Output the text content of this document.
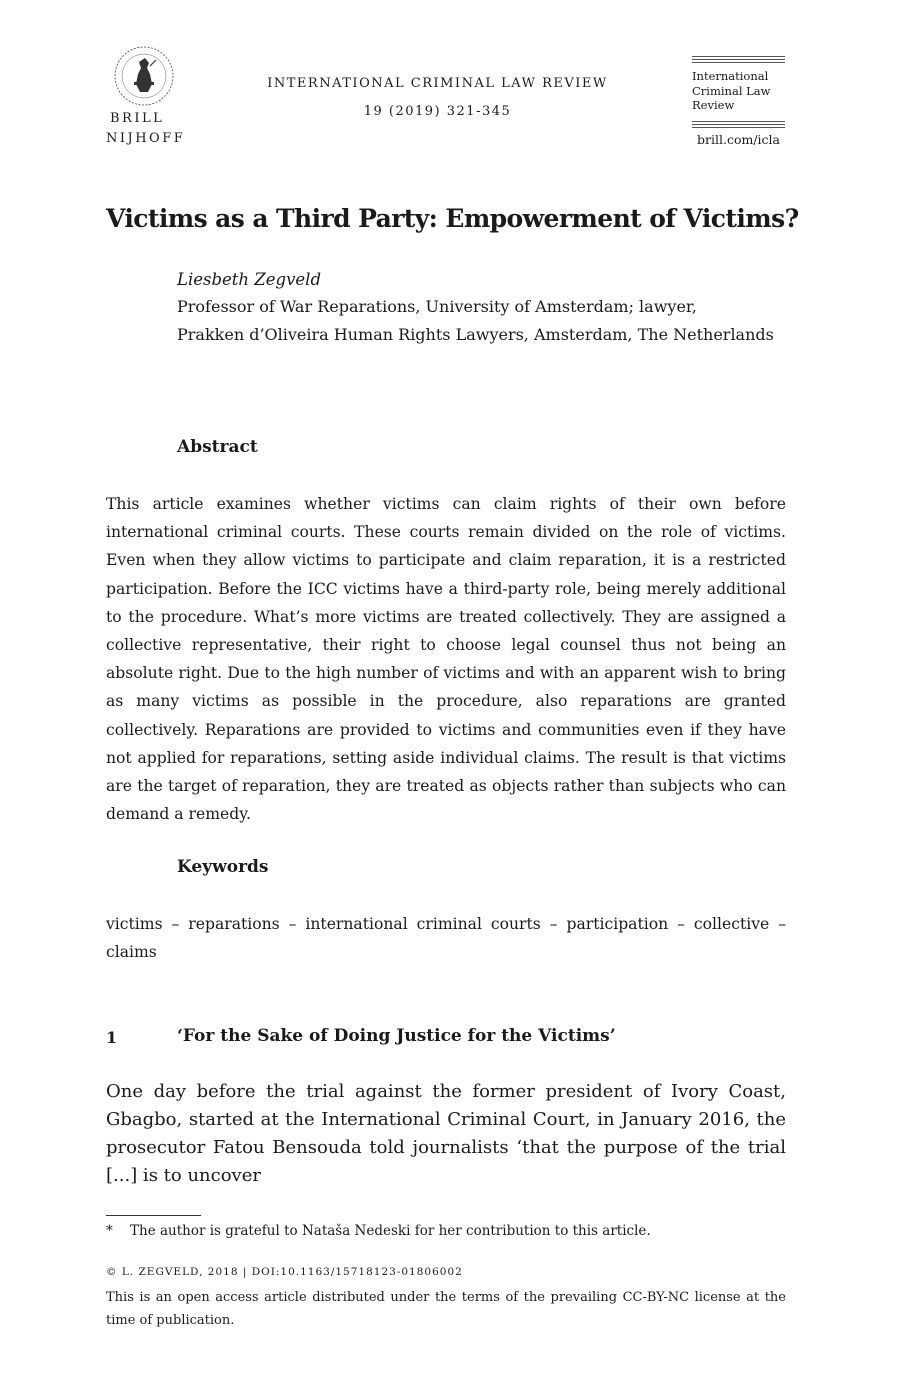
BRILL
NIJHOFF
INTERNATIONAL CRIMINAL LAW REVIEW
19 (2019) 321-345
International Criminal Law Review
brill.com/icla
Victims as a Third Party: Empowerment of Victims?
Liesbeth Zegveld
Professor of War Reparations, University of Amsterdam; lawyer,
Prakken d’Oliveira Human Rights Lawyers, Amsterdam, The Netherlands
Abstract
This article examines whether victims can claim rights of their own before international criminal courts. These courts remain divided on the role of victims. Even when they allow victims to participate and claim reparation, it is a restricted participation. Before the ICC victims have a third-party role, being merely additional to the procedure. What’s more victims are treated collectively. They are assigned a collective representative, their right to choose legal counsel thus not being an absolute right. Due to the high number of victims and with an apparent wish to bring as many victims as possible in the procedure, also reparations are granted collectively. Reparations are provided to victims and communities even if they have not applied for reparations, setting aside individual claims. The result is that victims are the target of reparation, they are treated as objects rather than subjects who can demand a remedy.
Keywords
victims – reparations – international criminal courts – participation – collective – claims
1	‘For the Sake of Doing Justice for the Victims’
One day before the trial against the former president of Ivory Coast, Gbagbo, started at the International Criminal Court, in January 2016, the prosecutor Fatou Bensouda told journalists ‘that the purpose of the trial [...] is to uncover
* The author is grateful to Nataša Nedeski for her contribution to this article.
© L. ZEGVELD, 2018 | DOI:10.1163/15718123-01806002
This is an open access article distributed under the terms of the prevailing CC-BY-NC license at the time of publication.
